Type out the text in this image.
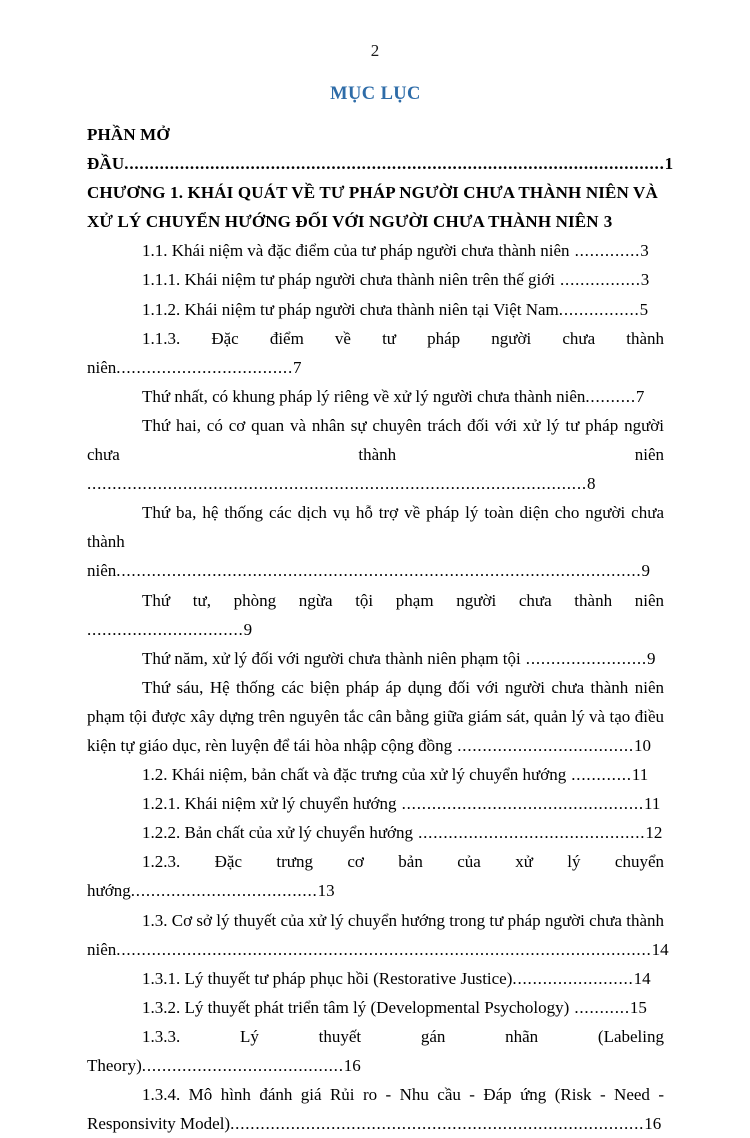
2
MỤC LỤC
PHẦN MỞ ĐẦU...........................................................................................................1
CHƯƠNG 1. KHÁI QUÁT VỀ TƯ PHÁP NGƯỜI CHƯA THÀNH NIÊN VÀ XỬ LÝ CHUYỂN HƯỚNG ĐỐI VỚI NGƯỜI CHƯA THÀNH NIÊN 3
1.1. Khái niệm và đặc điểm của tư pháp người chưa thành niên .............3
1.1.1. Khái niệm tư pháp người chưa thành niên trên thế giới ................3
1.1.2. Khái niệm tư pháp người chưa thành niên tại Việt Nam................5
1.1.3. Đặc điểm về tư pháp người chưa thành niên...................................7
Thứ nhất, có khung pháp lý riêng về xử lý người chưa thành niên..........7
Thứ hai, có cơ quan và nhân sự chuyên trách đối với xử lý tư pháp người chưa thành niên ...................................................................................................8
Thứ ba, hệ thống các dịch vụ hỗ trợ về pháp lý toàn diện cho người chưa thành niên........................................................................................................9
Thứ tư, phòng ngừa tội phạm người chưa thành niên ...............................9
Thứ năm, xử lý đối với người chưa thành niên phạm tội ........................9
Thứ sáu, Hệ thống các biện pháp áp dụng đối với người chưa thành niên phạm tội được xây dựng trên nguyên tắc cân bằng giữa giám sát, quản lý và tạo điều kiện tự giáo dục, rèn luyện để tái hòa nhập cộng đồng ...................................10
1.2. Khái niệm, bản chất và đặc trưng của xử lý chuyển hướng ............11
1.2.1. Khái niệm xử lý chuyển hướng ................................................11
1.2.2. Bản chất của xử lý chuyển hướng .............................................12
1.2.3. Đặc trưng cơ bản của xử lý chuyển hướng.....................................13
1.3. Cơ sở lý thuyết của xử lý chuyển hướng trong tư pháp người chưa thành niên..........................................................................................................14
1.3.1. Lý thuyết tư pháp phục hồi (Restorative Justice)........................14
1.3.2. Lý thuyết phát triển tâm lý (Developmental Psychology) ...........15
1.3.3. Lý thuyết gán nhãn (Labeling Theory)........................................16
1.3.4. Mô hình đánh giá Rủi ro - Nhu cầu - Đáp ứng (Risk - Need - Responsivity Model)..................................................................................16
